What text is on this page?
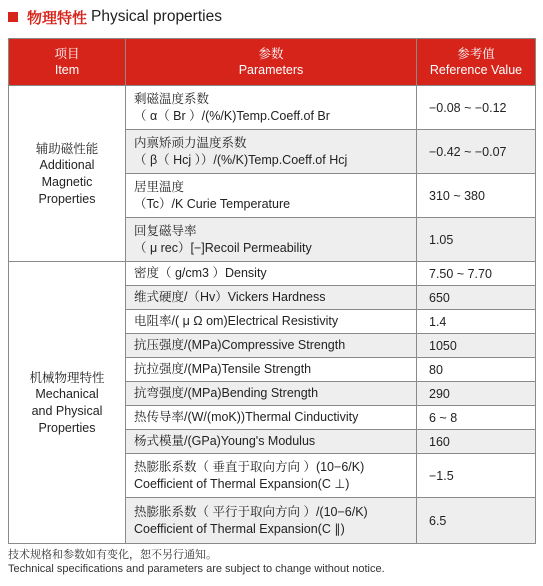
物理特性 Physical properties
项目
Item	参数
Parameters	参考值
Reference Value

辅助磁性能
Additional
Magnetic
Properties	剩磁温度系数
（ α（ Br ）/(%/K)Temp.Coeff.of Br	−0.08 ~ −0.12

	内禀矫顽力温度系数
（ β（ Hcj ））/(%/K)Temp.Coeff.of Hcj	−0.42 ~ −0.07

	居里温度
（Tc）/K Curie Temperature	310 ~ 380

	回复磁导率
（ μ rec）[−]Recoil Permeability	1.05

机械物理特性
Mechanical
and Physical
Properties	密度（ g/cm3 ）Density	7.50 ~ 7.70
	维式硬度/（Hv）Vickers Hardness	650
	电阻率/( μ Ω om)Electrical Resistivity	1.4
	抗压强度/(MPa)Compressive Strength	1050
	抗拉强度/(MPa)Tensile Strength	80
	抗弯强度/(MPa)Bending Strength	290
	热传导率/(W/(moK))Thermal Cinductivity	6 ~ 8
	杨式模量/(GPa)Young's Modulus	160

	热膨胀系数（ 垂直于取向方向 ）(10−6/K)
Coefficient of Thermal Expansion(C ⊥)	−1.5

	热膨胀系数（ 平行于取向方向 ）/(10−6/K)
Coefficient of Thermal Expansion(C ∥)	6.5
技术规格和参数如有变化，恕不另行通知。
Technical specifications and parameters are subject to change without notice.
